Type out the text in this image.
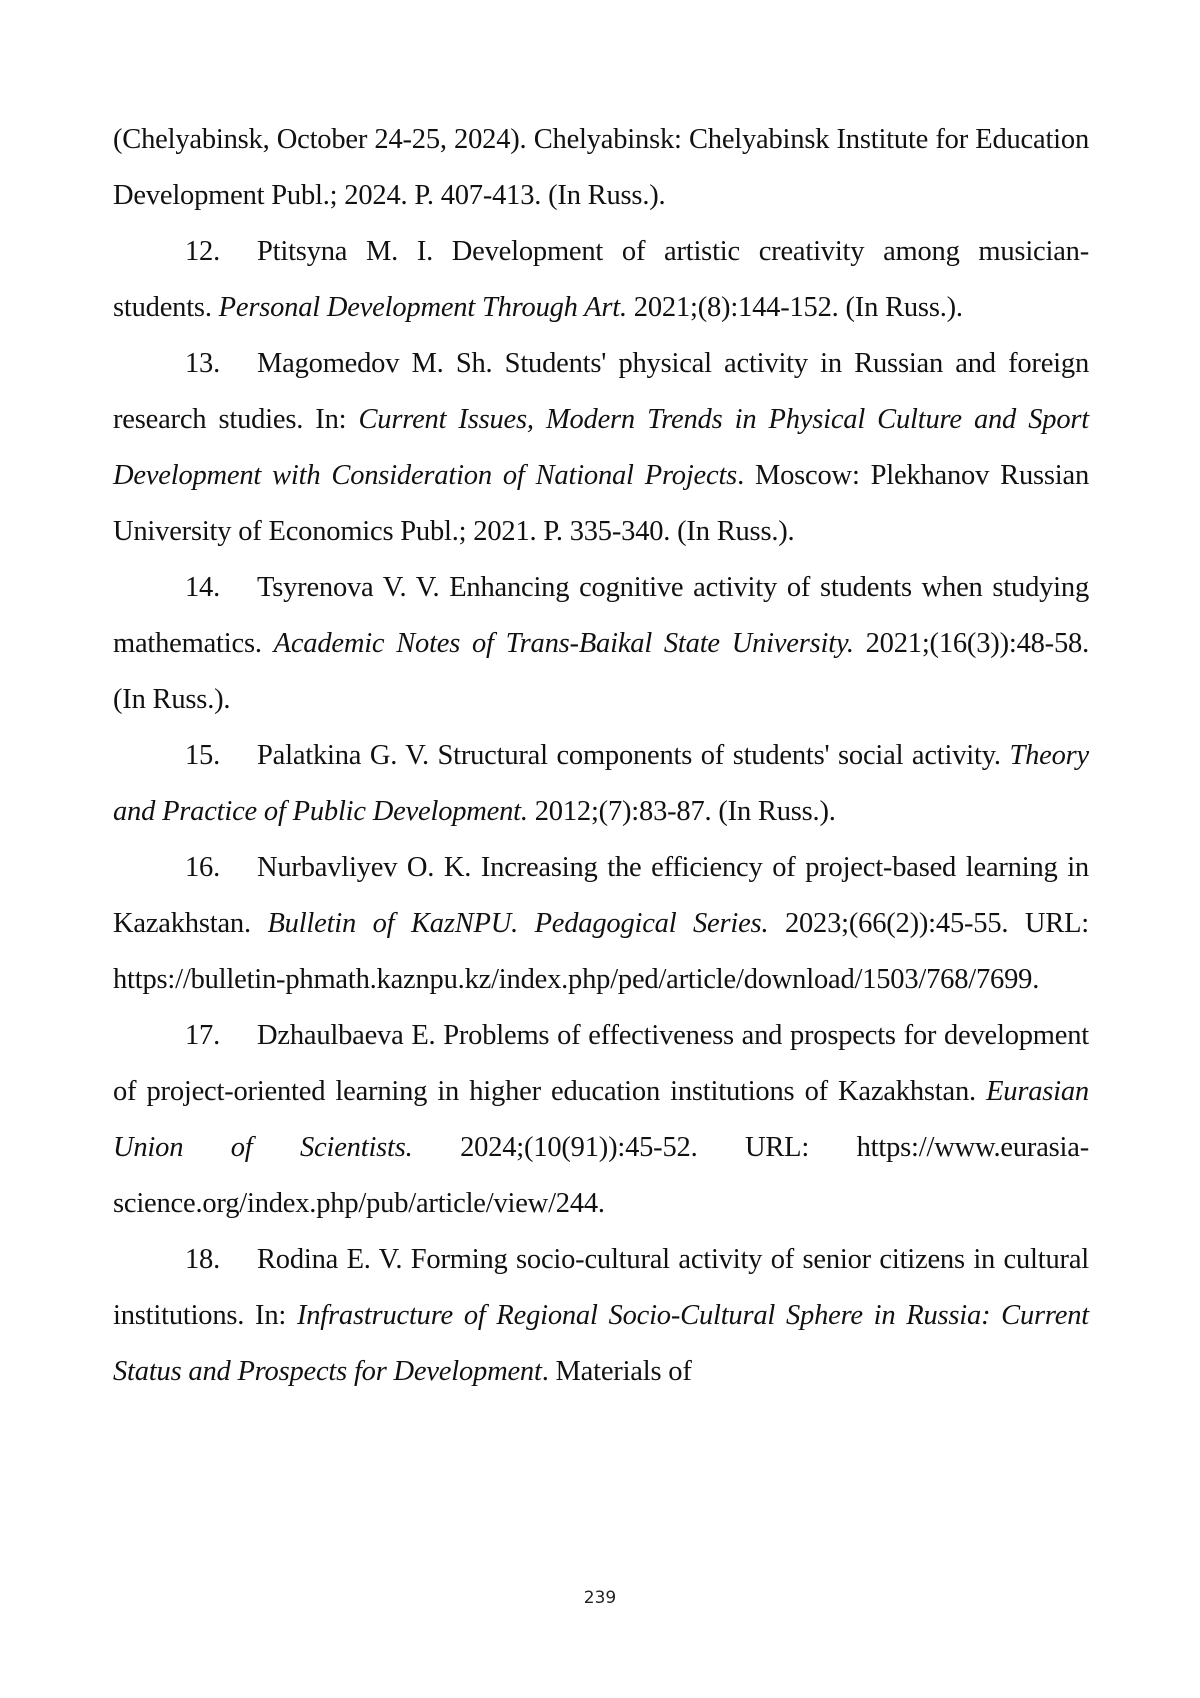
(Chelyabinsk, October 24-25, 2024). Chelyabinsk: Chelyabinsk Institute for Education Development Publ.; 2024. P. 407-413. (In Russ.).

12. Ptitsyna M. I. Development of artistic creativity among musician-students. Personal Development Through Art. 2021;(8):144-152. (In Russ.).

13. Magomedov M. Sh. Students' physical activity in Russian and foreign research studies. In: Current Issues, Modern Trends in Physical Culture and Sport Development with Consideration of National Projects. Moscow: Plekhanov Russian University of Economics Publ.; 2021. P. 335-340. (In Russ.).

14. Tsyrenova V. V. Enhancing cognitive activity of students when studying mathematics. Academic Notes of Trans-Baikal State University. 2021;(16(3)):48-58. (In Russ.).

15. Palatkina G. V. Structural components of students' social activity. Theory and Practice of Public Development. 2012;(7):83-87. (In Russ.).

16. Nurbavliyev O. K. Increasing the efficiency of project-based learning in Kazakhstan. Bulletin of KazNPU. Pedagogical Series. 2023;(66(2)):45-55. URL: https://bulletin-phmath.kaznpu.kz/index.php/ped/article/download/1503/768/7699.

17. Dzhaulbaeva E. Problems of effectiveness and prospects for development of project-oriented learning in higher education institutions of Kazakhstan. Eurasian Union of Scientists. 2024;(10(91)):45-52. URL: https://www.eurasia-science.org/index.php/pub/article/view/244.

18. Rodina E. V. Forming socio-cultural activity of senior citizens in cultural institutions. In: Infrastructure of Regional Socio-Cultural Sphere in Russia: Current Status and Prospects for Development. Materials of

239
